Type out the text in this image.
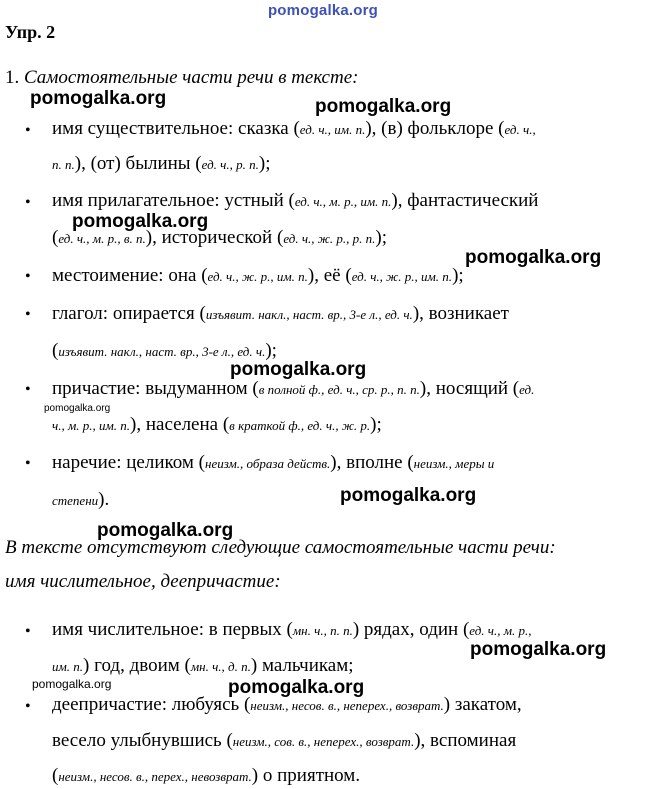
pomogalka.org
Упр. 2
1. Самостоятельные части речи в тексте:
• имя существительное: сказка (ед. ч., им. п.), (в) фольклоре (ед. ч.,
п. п.), (от) былины (ед. ч., р. п.);
• имя прилагательное: устный (ед. ч., м. р., им. п.), фантастический
(ед. ч., м. р., в. п.), исторической (ед. ч., ж. р., р. п.);
• местоимение: она (ед. ч., ж. р., им. п.), её (ед. ч., ж. р., им. п.);
• глагол: опирается (изъявит. накл., наст. вр., 3-е л., ед. ч.), возникает
(изъявит. накл., наст. вр., 3-е л., ед. ч.);
• причастие: выдуманном (в полной ф., ед. ч., ср. р., п. п.), носящий (ед.
ч., м. р., им. п.), населена (в краткой ф., ед. ч., ж. р.);
• наречие: целиком (неизм., образа действ.), вполне (неизм., меры и
степени).
В тексте отсутствуют следующие самостоятельные части речи:
имя числительное, деепричастие:
• имя числительное: в первых (мн. ч., п. п.) рядах, один (ед. ч., м. р.,
им. п.) год, двоим (мн. ч., д. п.) мальчикам;
• деепричастие: любуясь (неизм., несов. в., неперех., возврат.) закатом,
весело улыбнувшись (неизм., сов. в., неперех., возврат.), вспоминая
(неизм., несов. в., перех., невозврат.) о приятном.
pomogalka.org	pomogalka.org
pomogalka.org
pomogalka.org
pomogalka.org
pomogalka.org
pomogalka.org
pomogalka.org
pomogalka.org
pomogalka.org	pomogalka.org
